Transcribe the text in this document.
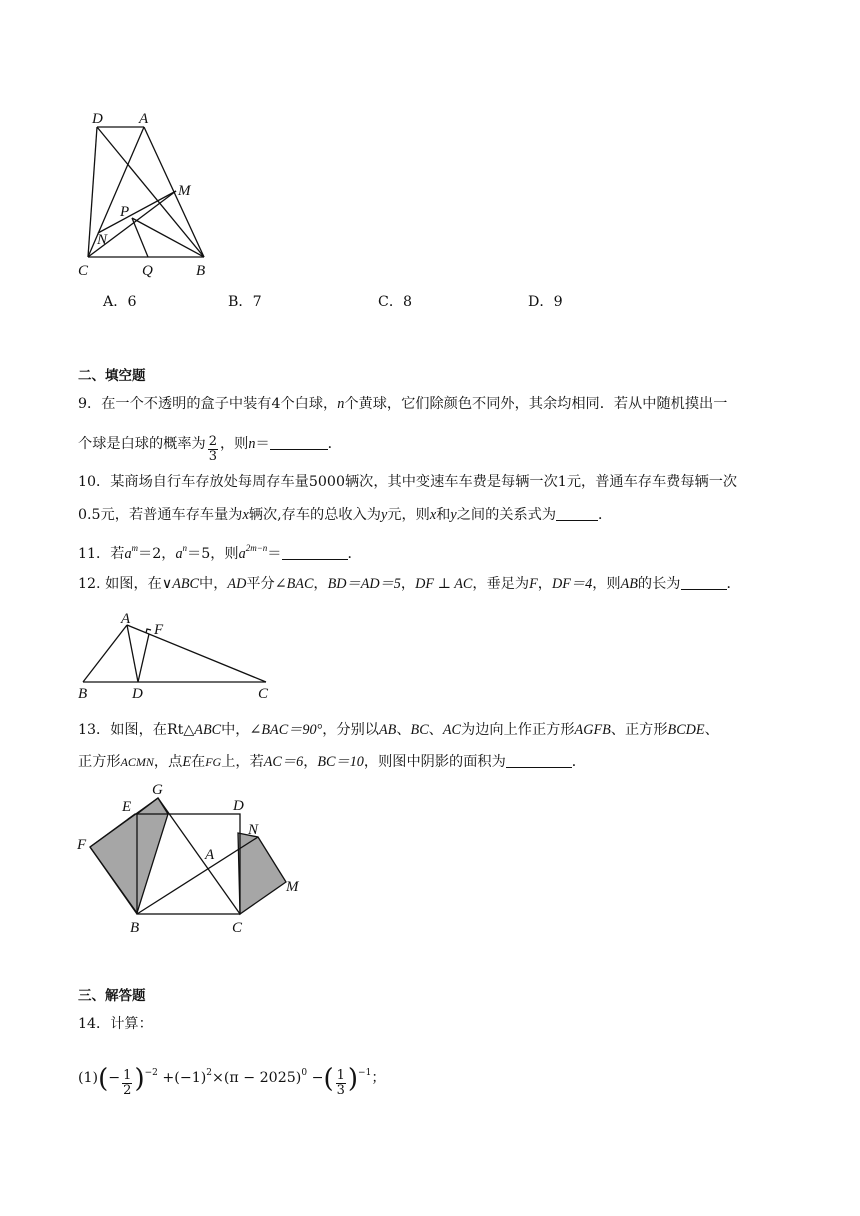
D A
M
P
N
C	Q	B
A．6	B．7	C．8	D．9
二、填空题
9．在一个不透明的盒子中装有4个白球，n个黄球，它们除颜色不同外，其余均相同．若从中随机摸出一
个球是白球的概率为 $\frac{2}{3}$ ，则n＝	．
10．某商场自行车存放处每周存车量5000辆次，其中变速车车费是每辆一次1元，普通车存车费每辆一次
0.5元，若普通车存车量为x辆次,存车的总收入为y元，则x和y之间的关系式为	．
11．若$a^m=2$，$a^n=5$，则$a^{2m-n}=$	．
12. 如图，在∨ABC中，AD平分∠BAC，BD＝AD＝5，DF ⊥ AC，垂足为F，DF＝4，则AB的长为	．
A
F
B	D	C
13．如图，在Rt△ABC中，∠BAC＝90°，分别以AB、BC、AC为边向上作正方形AGFB、正方形BCDE、
正方形ACMN，点E在FG上，若AC＝6，BC＝10，则图中阴影的面积为	．
E
G
D
N
F
A
M
B	C
三、解答题
14．计算：
$(1)(- \frac{1}{2} )^{-2} +(-1)^2\times(\pi - 2025)^0$ −( $\frac{1}{3} )^{-1}$；
